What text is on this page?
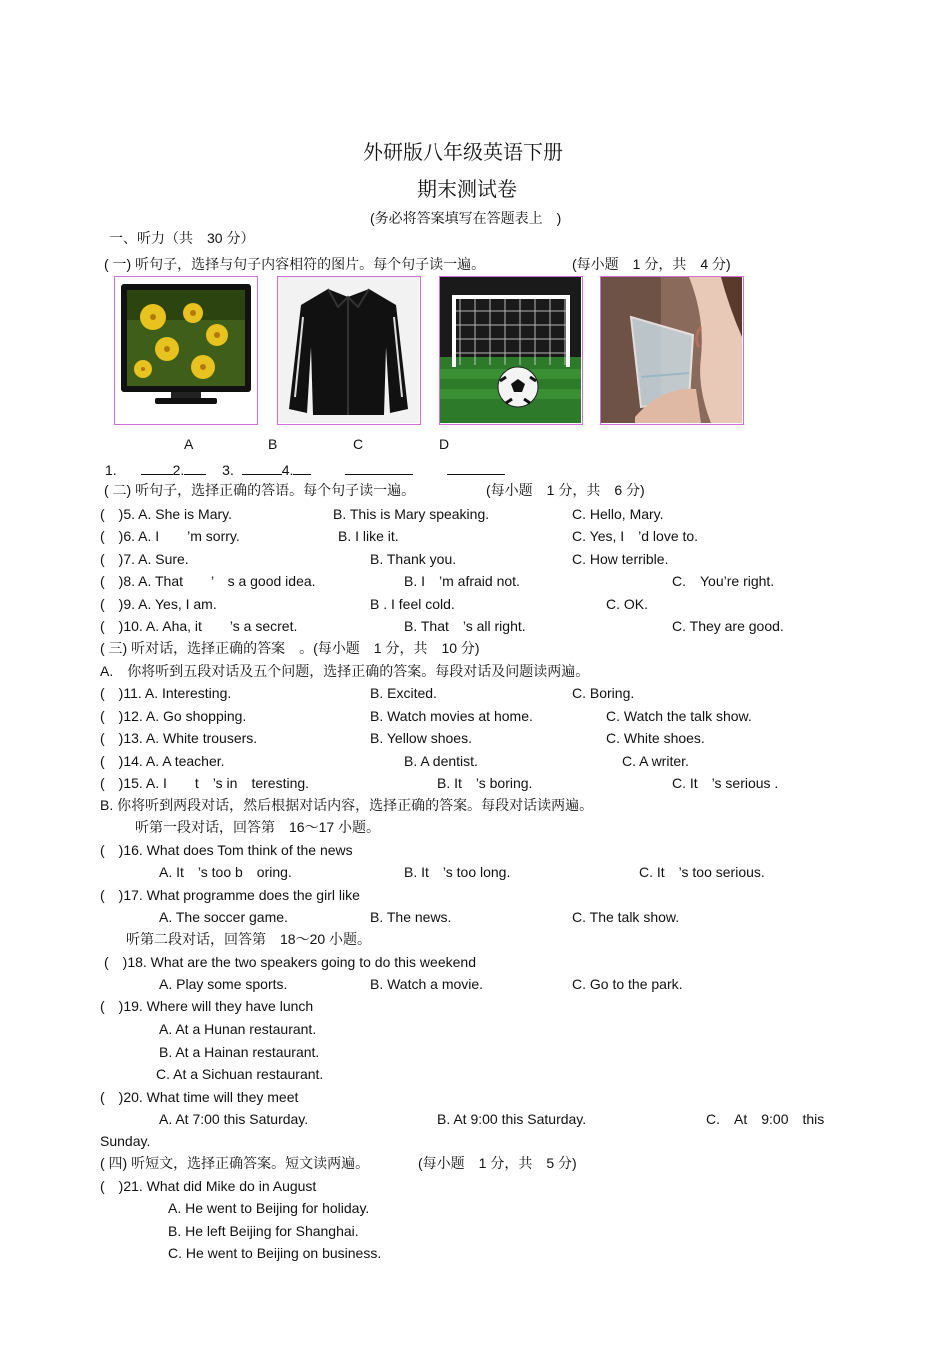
外研版八年级英语下册
期末测试卷
(务必将答案填写在答题表上　)
一、听力（共　30 分）
( 一) 听句子，选择与句子内容相符的图片。每个句子读一遍。	(每小题　1 分，共　4 分)
A	B	C	D
1.	2.	3.	4.
( 二) 听句子，选择正确的答语。每个句子读一遍。	(每小题　1 分，共　6 分)
(　)5. A. She is Mary.	B. This is Mary speaking.	C. Hello, Mary.
(　)6. A. I　　’m sorry.	B. I like it.	C. Yes, I　’d love to.
(　)7. A. Sure.	B. Thank you.	C. How terrible.
(　)8. A. That　　’　s a good idea.	B. I　’m afraid not.	C.　You’re right.
(　)9. A. Yes, I am.	B . I feel cold.	C. OK.
(　)10. A. Aha, it　　’s a secret.	B. That　’s all right.	C. They are good.
( 三) 听对话，选择正确的答案　。(每小题　1 分，共　10 分)
A.　你将听到五段对话及五个问题，选择正确的答案。每段对话及问题读两遍。
(　)11. A. Interesting.	B. Excited.	C. Boring.
(　)12. A. Go shopping.	B. Watch movies at home.	C. Watch the talk show.
(　)13. A. White trousers.	B. Yellow shoes.	C. White shoes.
(　)14. A. A teacher.	B. A dentist.	C. A writer.
(　)15. A. I　　t　’s in　teresting.	B. It　’s boring.	C. It　’s serious .
B. 你将听到两段对话，然后根据对话内容，选择正确的答案。每段对话读两遍。
听第一段对话，回答第　16～17 小题。
(　)16. What does Tom think of the news
A. It　’s too b　oring.	B. It　’s too long.	C. It　’s too serious.
(　)17. What programme does the girl like
A. The soccer game.	B. The news.	C. The talk show.
听第二段对话，回答第　18～20 小题。
(　)18. What are the two speakers going to do this weekend
A. Play some sports.	B. Watch a movie.	C. Go to the park.
(　)19. Where will they have lunch
A. At a Hunan restaurant.
B. At a Hainan restaurant.
C. At a Sichuan restaurant.
(　)20. What time will they meet
A. At 7:00 this Saturday.	B. At 9:00 this Saturday.	C.　At　9:00　this
Sunday.
( 四) 听短文，选择正确答案。短文读两遍。	(每小题　1 分，共　5 分)
(　)21. What did Mike do in August
A. He went to Beijing for holiday.
B. He left Beijing for Shanghai.
C. He went to Beijing on business.
